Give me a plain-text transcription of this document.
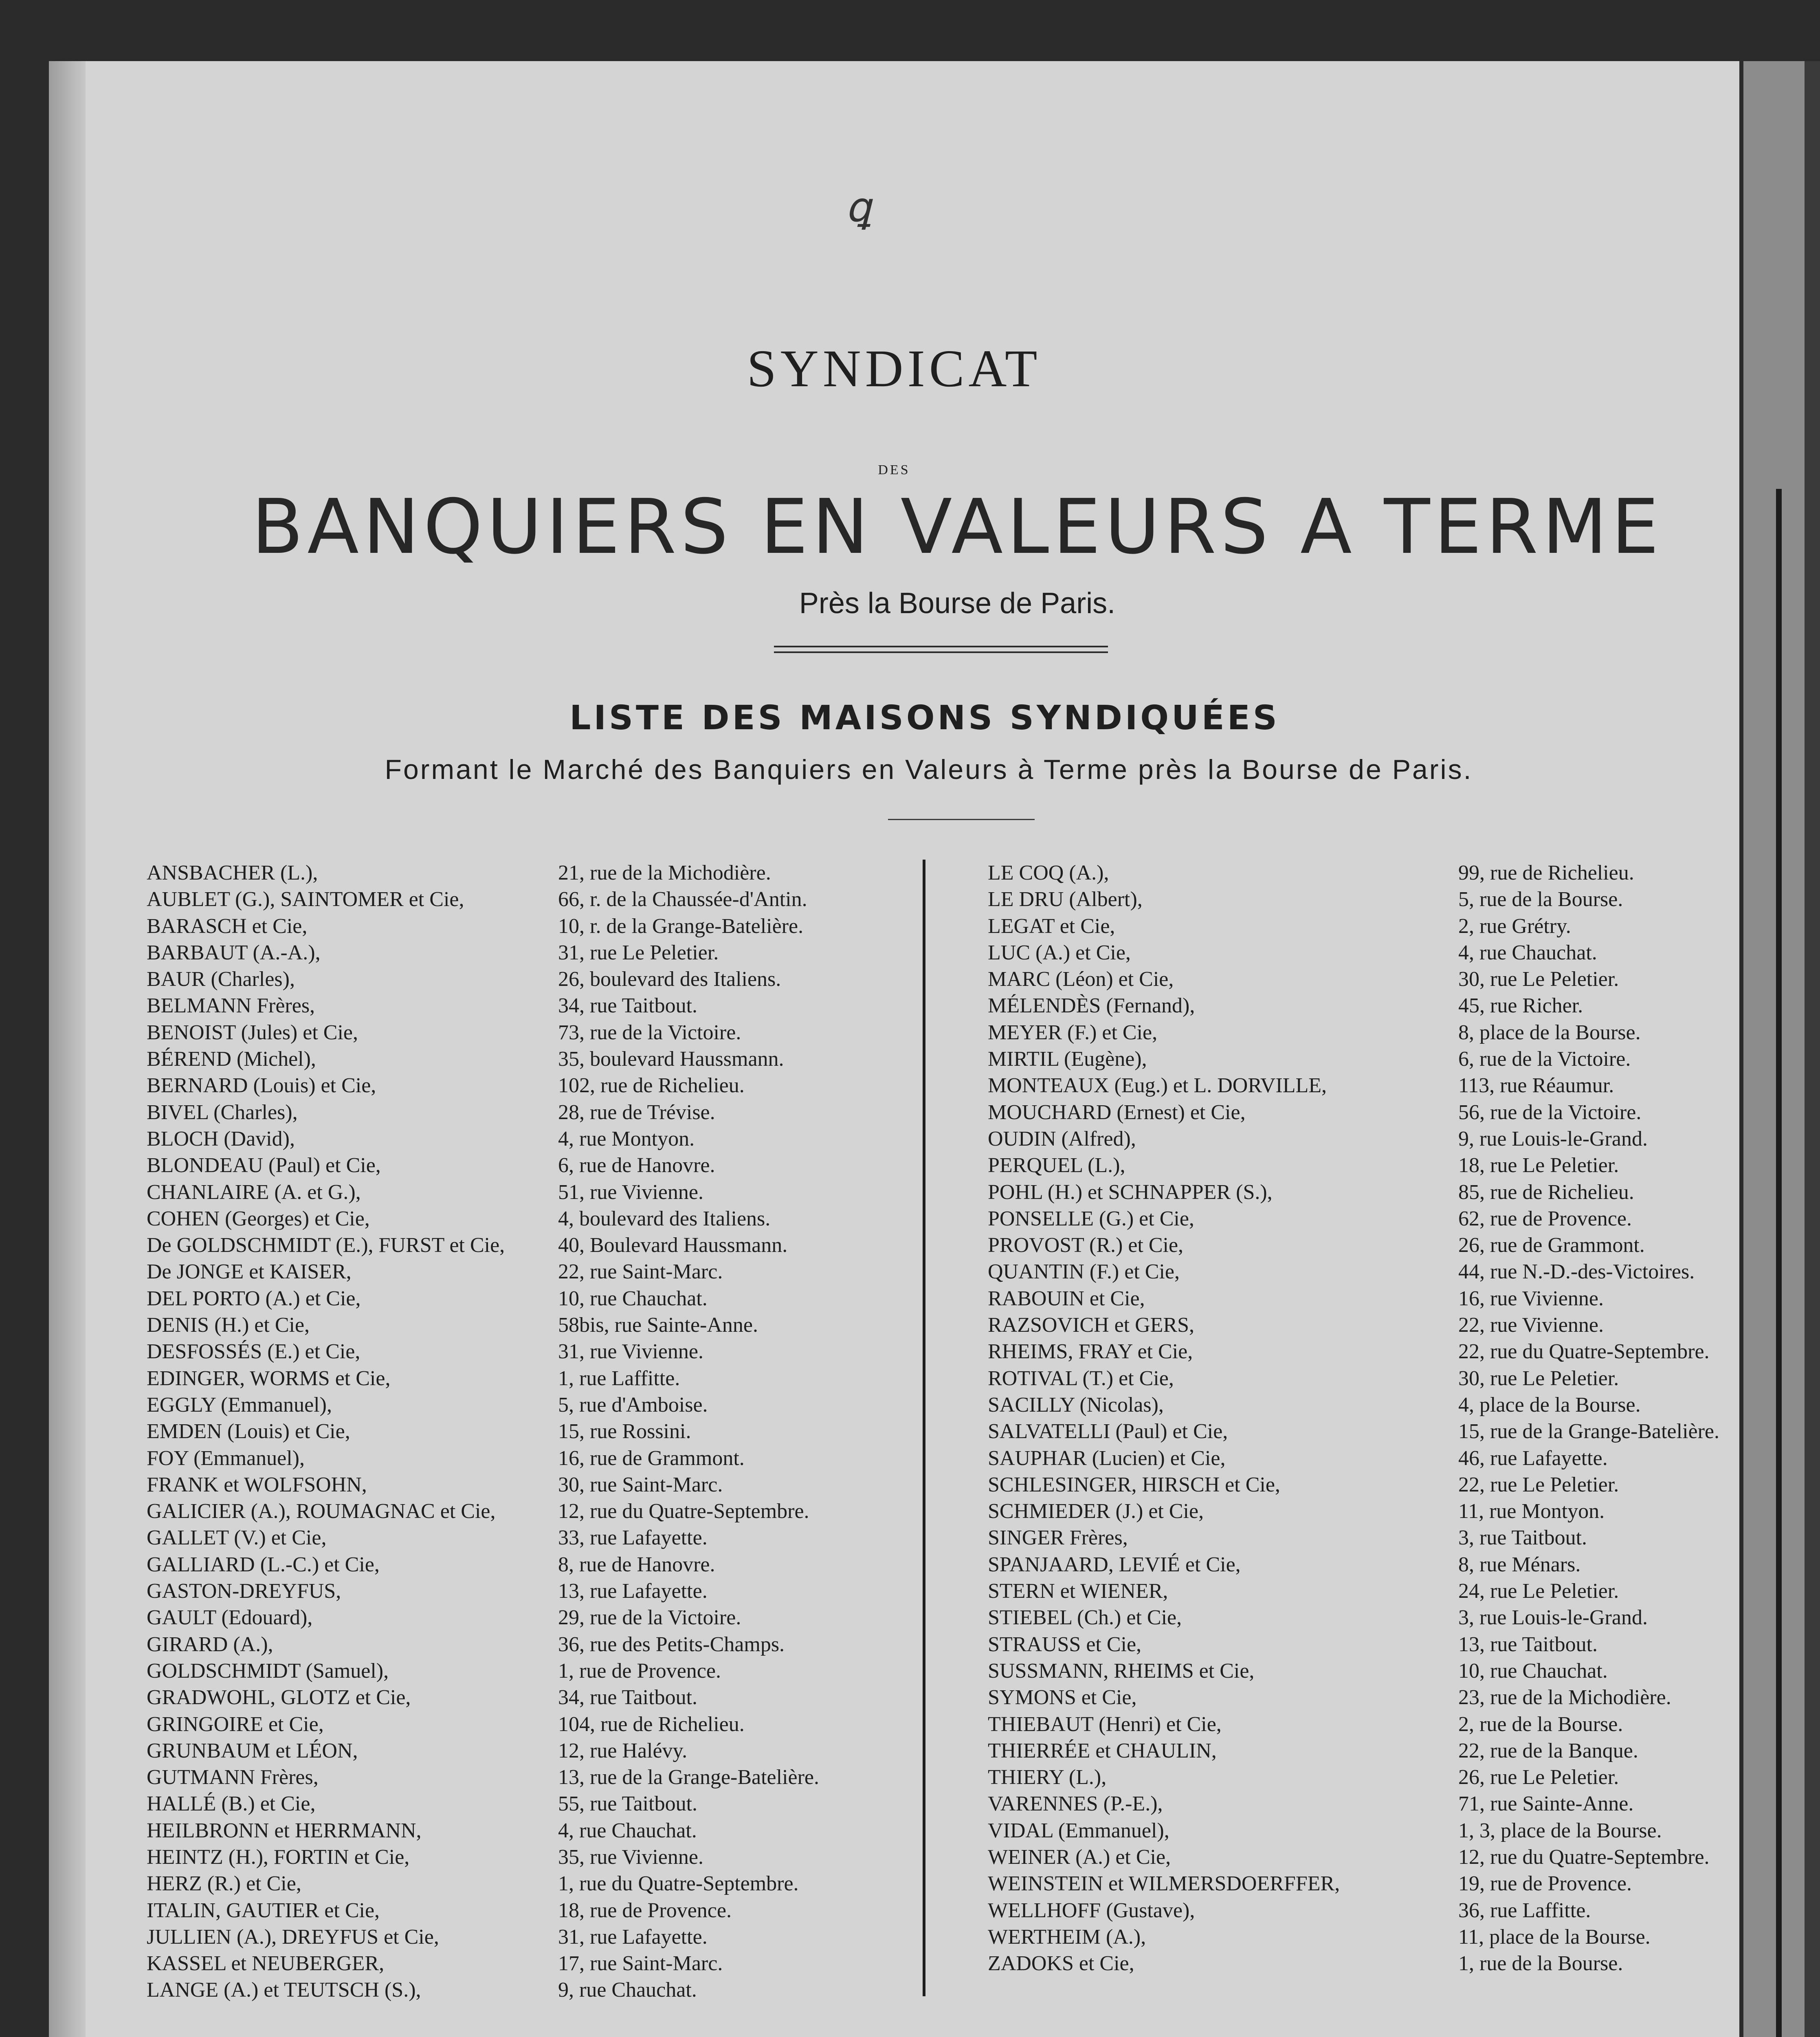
ꝗ

SYNDICAT

DES

BANQUIERS EN VALEURS A TERME

Près la Bourse de Paris.

LISTE DES MAISONS SYNDIQUÉES

Formant le Marché des Banquiers en Valeurs à Terme près la Bourse de Paris.

ANSBACHER (L.),	21, rue de la Michodière.
AUBLET (G.), SAINTOMER et Cie,	66, r. de la Chaussée-d'Antin.
BARASCH et Cie,	10, r. de la Grange-Batelière.
BARBAUT (A.-A.),	31, rue Le Peletier.
BAUR (Charles),	26, boulevard des Italiens.
BELMANN Frères,	34, rue Taitbout.
BENOIST (Jules) et Cie,	73, rue de la Victoire.
BÉREND (Michel),	35, boulevard Haussmann.
BERNARD (Louis) et Cie,	102, rue de Richelieu.
BIVEL (Charles),	28, rue de Trévise.
BLOCH (David),	4, rue Montyon.
BLONDEAU (Paul) et Cie,	6, rue de Hanovre.
CHANLAIRE (A. et G.),	51, rue Vivienne.
COHEN (Georges) et Cie,	4, boulevard des Italiens.
De GOLDSCHMIDT (E.), FURST et Cie,	40, Boulevard Haussmann.
De JONGE et KAISER,	22, rue Saint-Marc.
DEL PORTO (A.) et Cie,	10, rue Chauchat.
DENIS (H.) et Cie,	58bis, rue Sainte-Anne.
DESFOSSÉS (E.) et Cie,	31, rue Vivienne.
EDINGER, WORMS et Cie,	1, rue Laffitte.
EGGLY (Emmanuel),	5, rue d'Amboise.
EMDEN (Louis) et Cie,	15, rue Rossini.
FOY (Emmanuel),	16, rue de Grammont.
FRANK et WOLFSOHN,	30, rue Saint-Marc.
GALICIER (A.), ROUMAGNAC et Cie,	12, rue du Quatre-Septembre.
GALLET (V.) et Cie,	33, rue Lafayette.
GALLIARD (L.-C.) et Cie,	8, rue de Hanovre.
GASTON-DREYFUS,	13, rue Lafayette.
GAULT (Edouard),	29, rue de la Victoire.
GIRARD (A.),	36, rue des Petits-Champs.
GOLDSCHMIDT (Samuel),	1, rue de Provence.
GRADWOHL, GLOTZ et Cie,	34, rue Taitbout.
GRINGOIRE et Cie,	104, rue de Richelieu.
GRUNBAUM et LÉON,	12, rue Halévy.
GUTMANN Frères,	13, rue de la Grange-Batelière.
HALLÉ (B.) et Cie,	55, rue Taitbout.
HEILBRONN et HERRMANN,	4, rue Chauchat.
HEINTZ (H.), FORTIN et Cie,	35, rue Vivienne.
HERZ (R.) et Cie,	1, rue du Quatre-Septembre.
ITALIN, GAUTIER et Cie,	18, rue de Provence.
JULLIEN (A.), DREYFUS et Cie,	31, rue Lafayette.
KASSEL et NEUBERGER,	17, rue Saint-Marc.
LANGE (A.) et TEUTSCH (S.),	9, rue Chauchat.
LE COQ (A.),	99, rue de Richelieu.
LE DRU (Albert),	5, rue de la Bourse.
LEGAT et Cie,	2, rue Grétry.
LUC (A.) et Cie,	4, rue Chauchat.
MARC (Léon) et Cie,	30, rue Le Peletier.
MÉLENDÈS (Fernand),	45, rue Richer.
MEYER (F.) et Cie,	8, place de la Bourse.
MIRTIL (Eugène),	6, rue de la Victoire.
MONTEAUX (Eug.) et L. DORVILLE,	113, rue Réaumur.
MOUCHARD (Ernest) et Cie,	56, rue de la Victoire.
OUDIN (Alfred),	9, rue Louis-le-Grand.
PERQUEL (L.),	18, rue Le Peletier.
POHL (H.) et SCHNAPPER (S.),	85, rue de Richelieu.
PONSELLE (G.) et Cie,	62, rue de Provence.
PROVOST (R.) et Cie,	26, rue de Grammont.
QUANTIN (F.) et Cie,	44, rue N.-D.-des-Victoires.
RABOUIN et Cie,	16, rue Vivienne.
RAZSOVICH et GERS,	22, rue Vivienne.
RHEIMS, FRAY et Cie,	22, rue du Quatre-Septembre.
ROTIVAL (T.) et Cie,	30, rue Le Peletier.
SACILLY (Nicolas),	4, place de la Bourse.
SALVATELLI (Paul) et Cie,	15, rue de la Grange-Batelière.
SAUPHAR (Lucien) et Cie,	46, rue Lafayette.
SCHLESINGER, HIRSCH et Cie,	22, rue Le Peletier.
SCHMIEDER (J.) et Cie,	11, rue Montyon.
SINGER Frères,	3, rue Taitbout.
SPANJAARD, LEVIÉ et Cie,	8, rue Ménars.
STERN et WIENER,	24, rue Le Peletier.
STIEBEL (Ch.) et Cie,	3, rue Louis-le-Grand.
STRAUSS et Cie,	13, rue Taitbout.
SUSSMANN, RHEIMS et Cie,	10, rue Chauchat.
SYMONS et Cie,	23, rue de la Michodière.
THIEBAUT (Henri) et Cie,	2, rue de la Bourse.
THIERRÉE et CHAULIN,	22, rue de la Banque.
THIERY (L.),	26, rue Le Peletier.
VARENNES (P.-E.),	71, rue Sainte-Anne.
VIDAL (Emmanuel),	1, 3, place de la Bourse.
WEINER (A.) et Cie,	12, rue du Quatre-Septembre.
WEINSTEIN et WILMERSDOERFFER,	19, rue de Provence.
WELLHOFF (Gustave),	36, rue Laffitte.
WERTHEIM (A.),	11, place de la Bourse.
ZADOKS et Cie,	1, rue de la Bourse.
